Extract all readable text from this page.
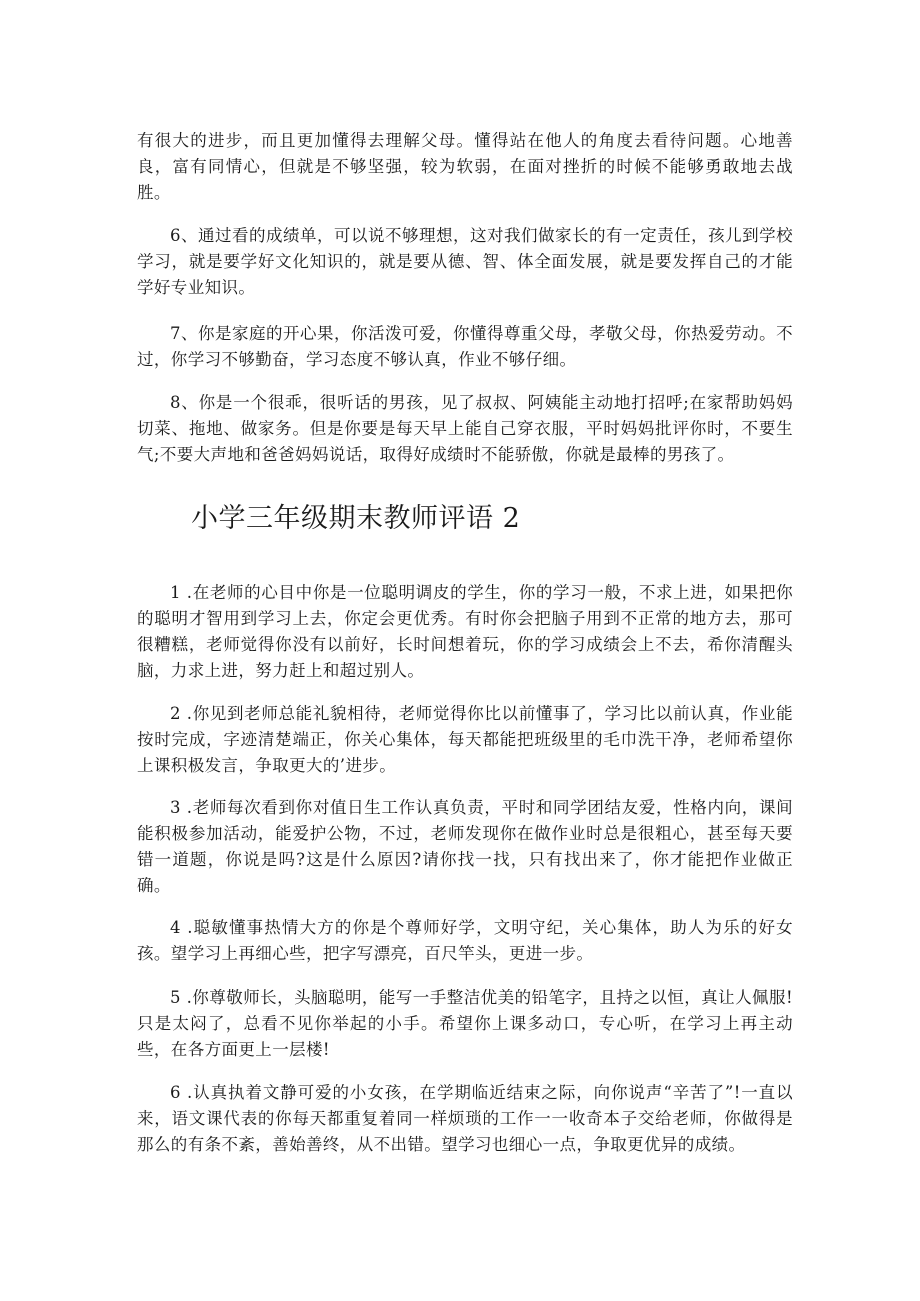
有很大的进步，而且更加懂得去理解父母。懂得站在他人的角度去看待问题。心地善良，富有同情心，但就是不够坚强，较为软弱，在面对挫折的时候不能够勇敢地去战胜。

6、通过看的成绩单，可以说不够理想，这对我们做家长的有一定责任，孩儿到学校学习，就是要学好文化知识的，就是要从德、智、体全面发展，就是要发挥自己的才能学好专业知识。

7、你是家庭的开心果，你活泼可爱，你懂得尊重父母，孝敬父母，你热爱劳动。不过，你学习不够勤奋，学习态度不够认真，作业不够仔细。

8、你是一个很乖，很听话的男孩，见了叔叔、阿姨能主动地打招呼;在家帮助妈妈切菜、拖地、做家务。但是你要是每天早上能自己穿衣服，平时妈妈批评你时，不要生气;不要大声地和爸爸妈妈说话，取得好成绩时不能骄傲，你就是最棒的男孩了。

小学三年级期末教师评语 2

1 .在老师的心目中你是一位聪明调皮的学生，你的学习一般，不求上进，如果把你的聪明才智用到学习上去，你定会更优秀。有时你会把脑子用到不正常的地方去，那可很糟糕，老师觉得你没有以前好，长时间想着玩，你的学习成绩会上不去，希你清醒头脑，力求上进，努力赶上和超过别人。

2 .你见到老师总能礼貌相待，老师觉得你比以前懂事了，学习比以前认真，作业能按时完成，字迹清楚端正，你关心集体，每天都能把班级里的毛巾洗干净，老师希望你上课积极发言，争取更大的’进步。

3 .老师每次看到你对值日生工作认真负责，平时和同学团结友爱，性格内向，课间能积极参加活动，能爱护公物，不过，老师发现你在做作业时总是很粗心，甚至每天要错一道题，你说是吗?这是什么原因?请你找一找，只有找出来了，你才能把作业做正确。

4 .聪敏懂事热情大方的你是个尊师好学，文明守纪，关心集体，助人为乐的好女孩。望学习上再细心些，把字写漂亮，百尺竿头，更进一步。

5 .你尊敬师长，头脑聪明，能写一手整洁优美的铅笔字，且持之以恒，真让人佩服!只是太闷了，总看不见你举起的小手。希望你上课多动口，专心听，在学习上再主动些，在各方面更上一层楼!

6 .认真执着文静可爱的小女孩，在学期临近结束之际，向你说声“辛苦了”!一直以来，语文课代表的你每天都重复着同一样烦琐的工作一一收奇本子交给老师，你做得是那么的有条不紊，善始善终，从不出错。望学习也细心一点，争取更优异的成绩。
